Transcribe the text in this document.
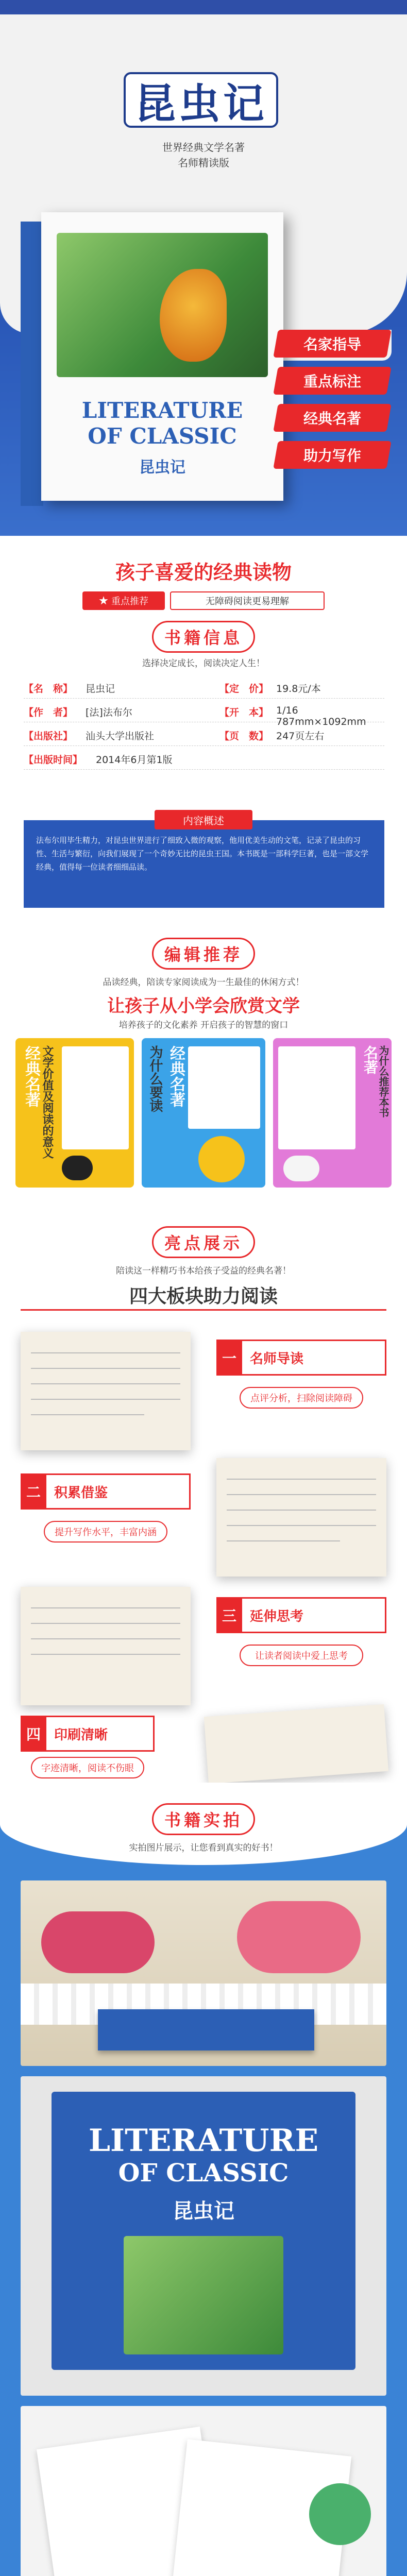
昆虫记
世界经典文学名著
名师精读版
LITERATURE
OF CLASSIC
昆虫记
名家指导
重点标注
经典名著
助力写作
孩子喜爱的经典读物
重点推荐	无障碍阅读更易理解
书籍信息
选择决定成长，阅读决定人生！
【名　称】 昆虫记	【定　价】 19.8元/本
【作　者】 [法]法布尔	【开　本】 1/16 787mm×1092mm
【出版社】 汕头大学出版社	【页　数】 247页左右
【出版时间】 2014年6月第1版
法布尔用毕生精力，对昆虫世界进行了细致入微的观察，他用优美生动的文笔，记录了昆虫的习性、生活与繁衍，向我们展现了一个奇妙无比的昆虫王国。本书既是一部科学巨著，也是一部文学经典，值得每一位读者细细品读。
内容概述
编辑推荐
品读经典，陪读专家阅读成为一生最佳的休闲方式！
让孩子从小学会欣赏文学
培养孩子的文化素养 开启孩子的智慧的窗口
经典名著 文学价值及阅读的意义	为什么要读 经典名著	名著
为什么推荐本书
亮点展示
陪读这一样精巧书本给孩子受益的经典名著！
四大板块助力阅读
一	名师导读
点评分析，扫除阅读障碍
二	积累借鉴
提升写作水平，丰富内涵
三	延伸思考
让读者阅读中爱上思考
四	印刷清晰
字迹清晰，阅读不伤眼
书籍实拍
实拍图片展示，让您看到真实的好书！
LITERATURE
OF CLASSIC
昆虫记
